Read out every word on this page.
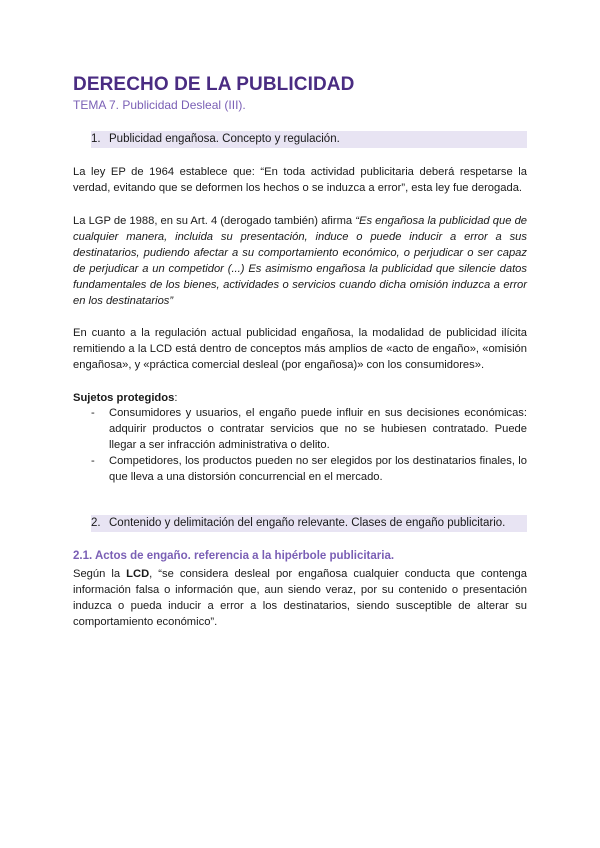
DERECHO DE LA PUBLICIDAD
TEMA 7. Publicidad Desleal (III).
1. Publicidad engañosa. Concepto y regulación.

La ley EP de 1964 establece que: “En toda actividad publicitaria deberá respetarse la verdad, evitando que se deformen los hechos o se induzca a error”, esta ley fue derogada.

La LGP de 1988, en su Art. 4 (derogado también) afirma “Es engañosa la publicidad que de cualquier manera, incluida su presentación, induce o puede inducir a error a sus destinatarios, pudiendo afectar a su comportamiento económico, o perjudicar o ser capaz de perjudicar a un competidor (...) Es asimismo engañosa la publicidad que silencie datos fundamentales de los bienes, actividades o servicios cuando dicha omisión induzca a error en los destinatarios”

En cuanto a la regulación actual publicidad engañosa, la modalidad de publicidad ilícita remitiendo a la LCD está dentro de conceptos más amplios de «acto de engaño», «omisión engañosa», y «práctica comercial desleal (por engañosa)» con los consumidores».

Sujetos protegidos:

- Consumidores y usuarios, el engaño puede influir en sus decisiones económicas: adquirir productos o contratar servicios que no se hubiesen contratado. Puede llegar a ser infracción administrativa o delito.
- Competidores, los productos pueden no ser elegidos por los destinatarios finales, lo que lleva a una distorsión concurrencial en el mercado.
2. Contenido y delimitación del engaño relevante. Clases de engaño publicitario.
2.1. Actos de engaño. referencia a la hipérbole publicitaria.

Según la LCD, “se considera desleal por engañosa cualquier conducta que contenga información falsa o información que, aun siendo veraz, por su contenido o presentación induzca o pueda inducir a error a los destinatarios, siendo susceptible de alterar su comportamiento económico”.
